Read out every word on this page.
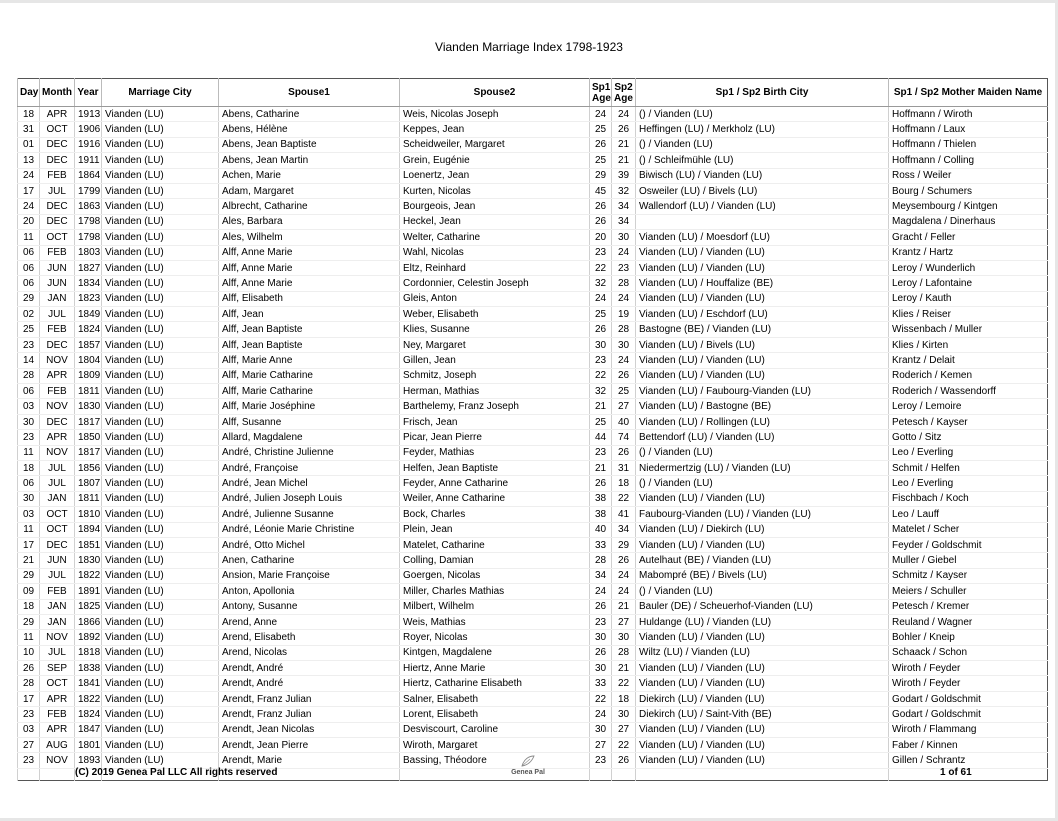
Vianden Marriage Index 1798-1923
Day	Month	Year	Marriage City	Spouse1	Spouse2	Sp1 Age	Sp2 Age	Sp1 / Sp2 Birth City	Sp1 / Sp2 Mother Maiden Name
18	APR	1913	Vianden (LU)	Abens, Catharine	Weis, Nicolas Joseph	24	24	() / Vianden (LU)	Hoffmann / Wiroth
31	OCT	1906	Vianden (LU)	Abens, Hélène	Keppes, Jean	25	26	Heffingen (LU) / Merkholz (LU)	Hoffmann / Laux
01	DEC	1916	Vianden (LU)	Abens, Jean Baptiste	Scheidweiler, Margaret	26	21	() / Vianden (LU)	Hoffmann / Thielen
13	DEC	1911	Vianden (LU)	Abens, Jean Martin	Grein, Eugénie	25	21	() / Schleifmühle (LU)	Hoffmann / Colling
24	FEB	1864	Vianden (LU)	Achen, Marie	Loenertz, Jean	29	39	Biwisch (LU) / Vianden (LU)	Ross / Weiler
17	JUL	1799	Vianden (LU)	Adam, Margaret	Kurten, Nicolas	45	32	Osweiler (LU) / Bivels (LU)	Bourg / Schumers
24	DEC	1863	Vianden (LU)	Albrecht, Catharine	Bourgeois, Jean	26	34	Wallendorf (LU) / Vianden (LU)	Meysembourg / Kintgen
20	DEC	1798	Vianden (LU)	Ales, Barbara	Heckel, Jean	26	34		Magdalena / Dinerhaus
11	OCT	1798	Vianden (LU)	Ales, Wilhelm	Welter, Catharine	20	30	Vianden (LU) / Moesdorf (LU)	Gracht / Feller
06	FEB	1803	Vianden (LU)	Alff, Anne Marie	Wahl, Nicolas	23	24	Vianden (LU) / Vianden (LU)	Krantz / Hartz
06	JUN	1827	Vianden (LU)	Alff, Anne Marie	Eltz, Reinhard	22	23	Vianden (LU) / Vianden (LU)	Leroy / Wunderlich
06	JUN	1834	Vianden (LU)	Alff, Anne Marie	Cordonnier, Celestin Joseph	32	28	Vianden (LU) / Houffalize (BE)	Leroy / Lafontaine
29	JAN	1823	Vianden (LU)	Alff, Elisabeth	Gleis, Anton	24	24	Vianden (LU) / Vianden (LU)	Leroy / Kauth
02	JUL	1849	Vianden (LU)	Alff, Jean	Weber, Elisabeth	25	19	Vianden (LU) / Eschdorf (LU)	Klies / Reiser
25	FEB	1824	Vianden (LU)	Alff, Jean Baptiste	Klies, Susanne	26	28	Bastogne (BE) / Vianden (LU)	Wissenbach / Muller
23	DEC	1857	Vianden (LU)	Alff, Jean Baptiste	Ney, Margaret	30	30	Vianden (LU) / Bivels (LU)	Klies / Kirten
14	NOV	1804	Vianden (LU)	Alff, Marie Anne	Gillen, Jean	23	24	Vianden (LU) / Vianden (LU)	Krantz / Delait
28	APR	1809	Vianden (LU)	Alff, Marie Catharine	Schmitz, Joseph	22	26	Vianden (LU) / Vianden (LU)	Roderich / Kemen
06	FEB	1811	Vianden (LU)	Alff, Marie Catharine	Herman, Mathias	32	25	Vianden (LU) / Faubourg-Vianden (LU)	Roderich / Wassendorff
03	NOV	1830	Vianden (LU)	Alff, Marie Joséphine	Barthelemy, Franz Joseph	21	27	Vianden (LU) / Bastogne (BE)	Leroy / Lemoire
30	DEC	1817	Vianden (LU)	Alff, Susanne	Frisch, Jean	25	40	Vianden (LU) / Rollingen (LU)	Petesch / Kayser
23	APR	1850	Vianden (LU)	Allard, Magdalene	Picar, Jean Pierre	44	74	Bettendorf (LU) / Vianden (LU)	Gotto / Sitz
11	NOV	1817	Vianden (LU)	André, Christine Julienne	Feyder, Mathias	23	26	() / Vianden (LU)	Leo / Everling
18	JUL	1856	Vianden (LU)	André, Françoise	Helfen, Jean Baptiste	21	31	Niedermertzig (LU) / Vianden (LU)	Schmit / Helfen
06	JUL	1807	Vianden (LU)	André, Jean Michel	Feyder, Anne Catharine	26	18	() / Vianden (LU)	Leo / Everling
30	JAN	1811	Vianden (LU)	André, Julien Joseph Louis	Weiler, Anne Catharine	38	22	Vianden (LU) / Vianden (LU)	Fischbach / Koch
03	OCT	1810	Vianden (LU)	André, Julienne Susanne	Bock, Charles	38	41	Faubourg-Vianden (LU) / Vianden (LU)	Leo / Lauff
11	OCT	1894	Vianden (LU)	André, Léonie Marie Christine	Plein, Jean	40	34	Vianden (LU) / Diekirch (LU)	Matelet / Scher
17	DEC	1851	Vianden (LU)	André, Otto Michel	Matelet, Catharine	33	29	Vianden (LU) / Vianden (LU)	Feyder / Goldschmit
21	JUN	1830	Vianden (LU)	Anen, Catharine	Colling, Damian	28	26	Autelhaut (BE) / Vianden (LU)	Muller / Giebel
29	JUL	1822	Vianden (LU)	Ansion, Marie Françoise	Goergen, Nicolas	34	24	Mabompré (BE) / Bivels (LU)	Schmitz / Kayser
09	FEB	1891	Vianden (LU)	Anton, Apollonia	Miller, Charles Mathias	24	24	() / Vianden (LU)	Meiers / Schuller
18	JAN	1825	Vianden (LU)	Antony, Susanne	Milbert, Wilhelm	26	21	Bauler (DE) / Scheuerhof-Vianden (LU)	Petesch / Kremer
29	JAN	1866	Vianden (LU)	Arend, Anne	Weis, Mathias	23	27	Huldange (LU) / Vianden (LU)	Reuland / Wagner
11	NOV	1892	Vianden (LU)	Arend, Elisabeth	Royer, Nicolas	30	30	Vianden (LU) / Vianden (LU)	Bohler / Kneip
10	JUL	1818	Vianden (LU)	Arend, Nicolas	Kintgen, Magdalene	26	28	Wiltz (LU) / Vianden (LU)	Schaack / Schon
26	SEP	1838	Vianden (LU)	Arendt, André	Hiertz, Anne Marie	30	21	Vianden (LU) / Vianden (LU)	Wiroth / Feyder
28	OCT	1841	Vianden (LU)	Arendt, André	Hiertz, Catharine Elisabeth	33	22	Vianden (LU) / Vianden (LU)	Wiroth / Feyder
17	APR	1822	Vianden (LU)	Arendt, Franz Julian	Salner, Elisabeth	22	18	Diekirch (LU) / Vianden (LU)	Godart / Goldschmit
23	FEB	1824	Vianden (LU)	Arendt, Franz Julian	Lorent, Elisabeth	24	30	Diekirch (LU) / Saint-Vith (BE)	Godart / Goldschmit
03	APR	1847	Vianden (LU)	Arendt, Jean Nicolas	Desviscourt, Caroline	30	27	Vianden (LU) / Vianden (LU)	Wiroth / Flammang
27	AUG	1801	Vianden (LU)	Arendt, Jean Pierre	Wiroth, Margaret	27	22	Vianden (LU) / Vianden (LU)	Faber / Kinnen
23	NOV	1893	Vianden (LU)	Arendt, Marie	Bassing, Théodore	23	26	Vianden (LU) / Vianden (LU)	Gillen / Schrantz

(C) 2019 Genea Pal LLC All rights reserved	Genea Pal	1 of 61
